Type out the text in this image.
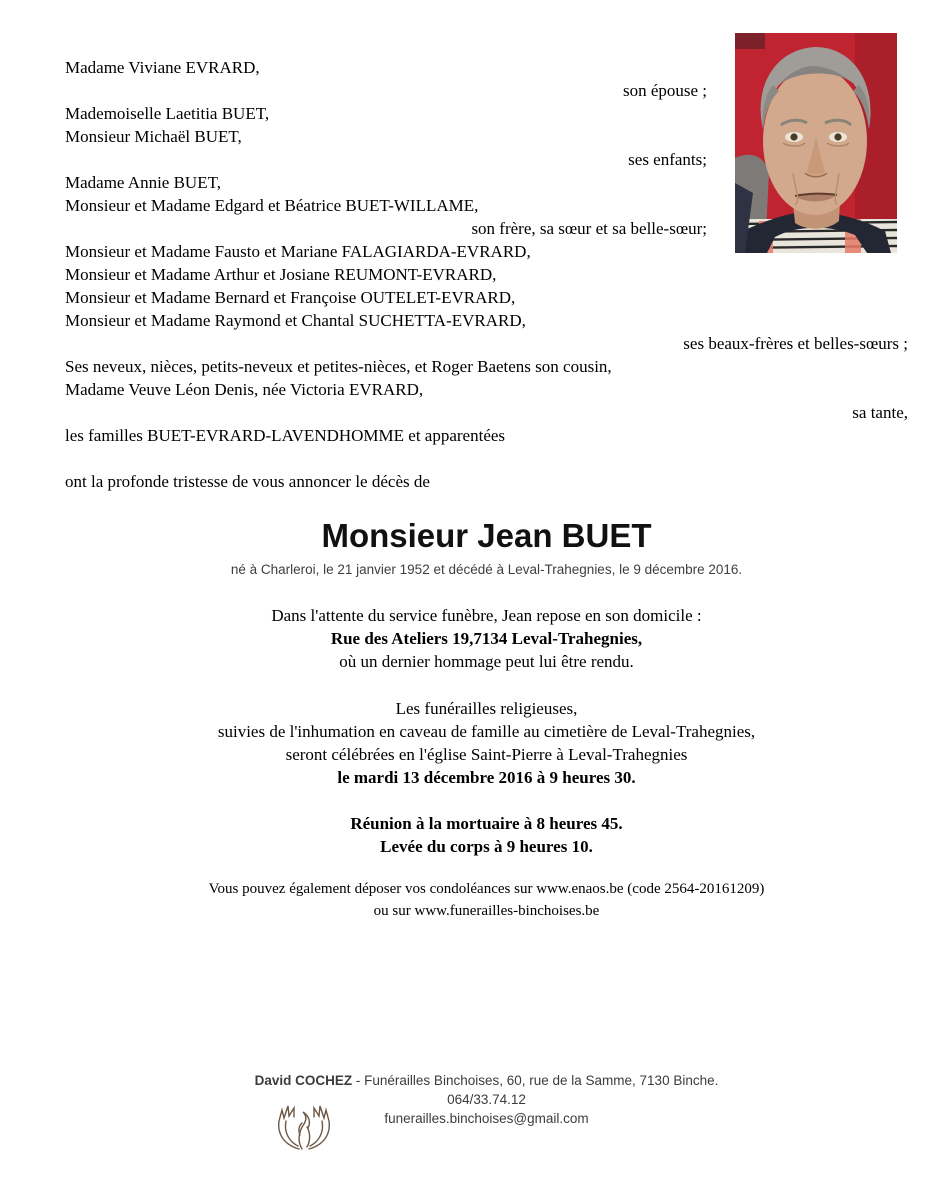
Madame Viviane EVRARD,
son épouse ;
Mademoiselle Laetitia BUET,
Monsieur Michaël BUET,
ses enfants;
Madame Annie BUET,
Monsieur et Madame Edgard et Béatrice BUET-WILLAME,
son frère, sa sœur et sa belle-sœur;
Monsieur et Madame Fausto et Mariane FALAGIARDA-EVRARD,
Monsieur et Madame Arthur et Josiane REUMONT-EVRARD,
Monsieur et Madame Bernard et Françoise OUTELET-EVRARD,
Monsieur et Madame Raymond et Chantal SUCHETTA-EVRARD,
ses beaux-frères et belles-sœurs ;
Ses neveux, nièces, petits-neveux et petites-nièces, et Roger Baetens son cousin,
Madame Veuve Léon Denis, née Victoria EVRARD,
sa tante,
les familles BUET-EVRARD-LAVENDHOMME et apparentées
ont la profonde tristesse de vous annoncer le décès de
Monsieur Jean BUET
né à Charleroi, le 21 janvier 1952 et décédé à Leval-Trahegnies, le 9 décembre 2016.
Dans l'attente du service funèbre, Jean repose en son domicile :
Rue des Ateliers 19,7134 Leval-Trahegnies,
où un dernier hommage peut lui être rendu.
Les funérailles religieuses,
suivies de l'inhumation en caveau de famille au cimetière de Leval-Trahegnies,
seront célébrées en l'église Saint-Pierre à Leval-Trahegnies
le mardi 13 décembre 2016 à 9 heures 30.
Réunion à la mortuaire à 8 heures 45.
Levée du corps à 9 heures 10.
Vous pouvez également déposer vos condoléances sur www.enaos.be (code 2564-20161209)
ou sur www.funerailles-binchoises.be
David COCHEZ - Funérailles Binchoises, 60, rue de la Samme, 7130 Binche.
064/33.74.12
funerailles.binchoises@gmail.com
